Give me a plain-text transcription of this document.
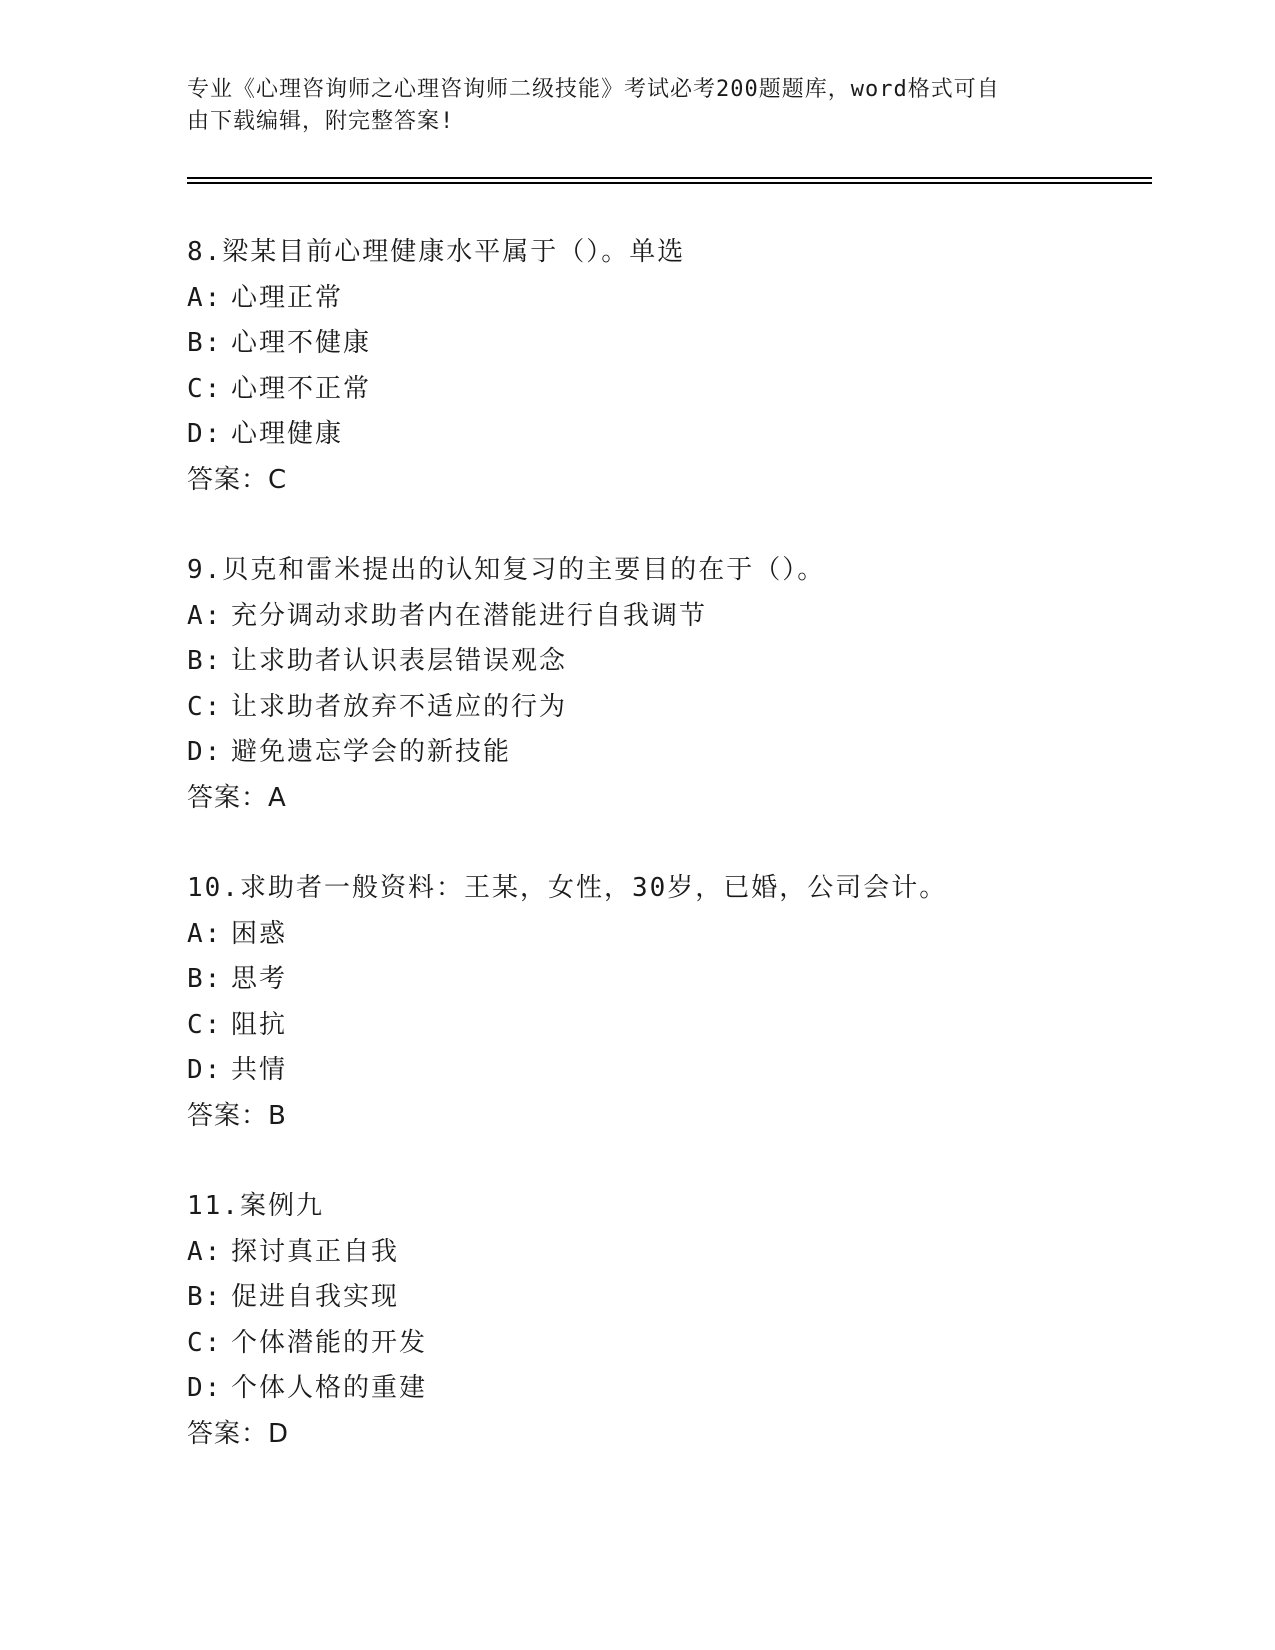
专业《心理咨询师之心理咨询师二级技能》考试必考200题题库，word格式可自
由下载编辑，附完整答案!
8.梁某目前心理健康水平属于（）。单选
A: 心理正常
B: 心理不健康
C: 心理不正常
D: 心理健康
答案：C
9.贝克和雷米提出的认知复习的主要目的在于（）。
A: 充分调动求助者内在潜能进行自我调节
B: 让求助者认识表层错误观念
C: 让求助者放弃不适应的行为
D: 避免遗忘学会的新技能
答案：A
10.求助者一般资料：王某，女性，30岁，已婚，公司会计。
A: 困惑
B: 思考
C: 阻抗
D: 共情
答案：B
11.案例九
A: 探讨真正自我
B: 促进自我实现
C: 个体潜能的开发
D: 个体人格的重建
答案：D
